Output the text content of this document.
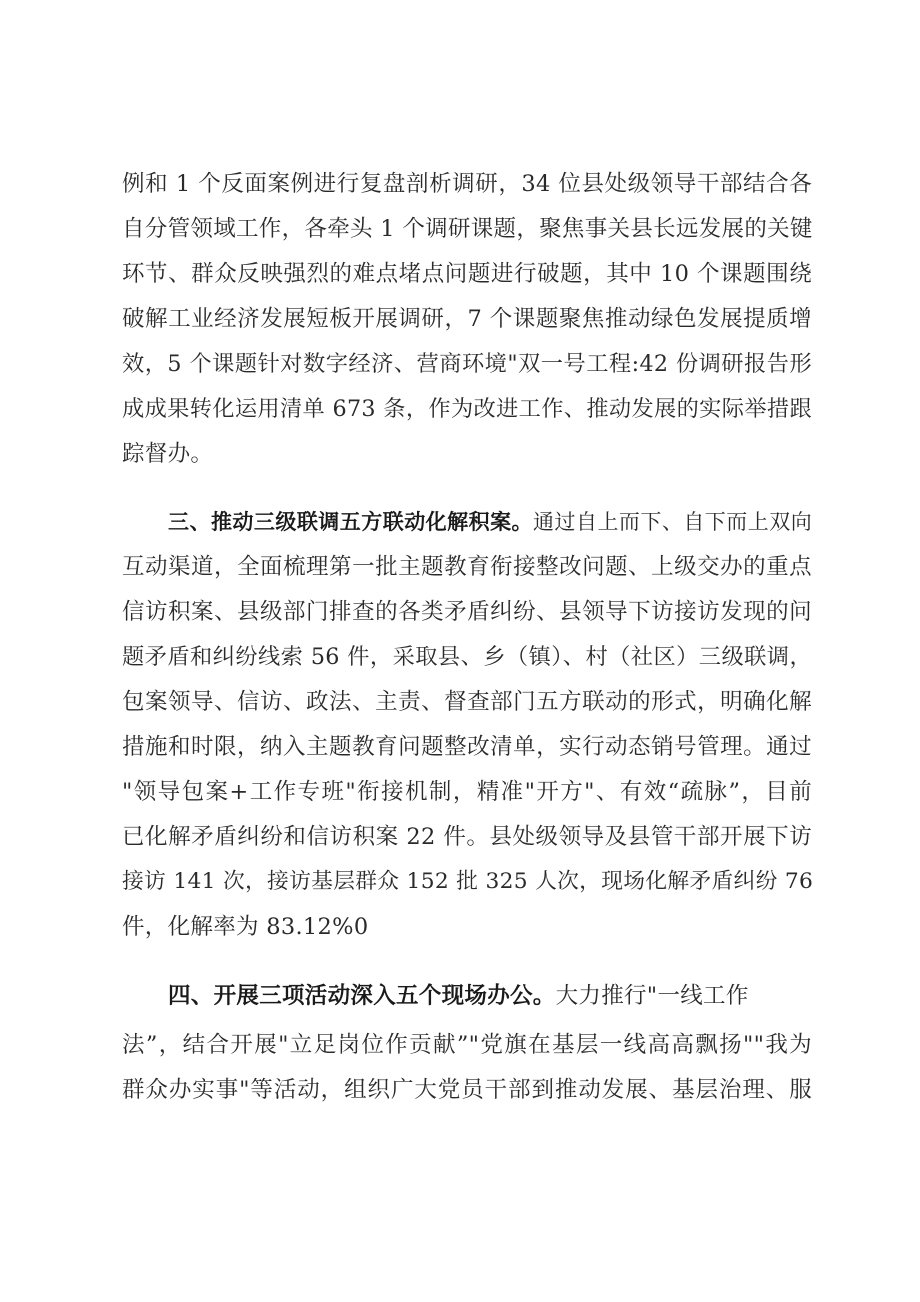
例和 1 个反面案例进行复盘剖析调研，34 位县处级领导干部结合各

自分管领域工作，各牵头 1 个调研课题，聚焦事关县长远发展的关键

环节、群众反映强烈的难点堵点问题进行破题，其中 10 个课题围绕

破解工业经济发展短板开展调研，7 个课题聚焦推动绿色发展提质增

效，5 个课题针对数字经济、营商环境"双一号工程:42 份调研报告形

成成果转化运用清单 673 条，作为改进工作、推动发展的实际举措跟

踪督办。

三、推动三级联调五方联动化解积案。通过自上而下、自下而上双向

互动渠道，全面梳理第一批主题教育衔接整改问题、上级交办的重点

信访积案、县级部门排查的各类矛盾纠纷、县领导下访接访发现的问

题矛盾和纠纷线索 56 件，采取县、乡（镇）、村（社区）三级联调，

包案领导、信访、政法、主责、督查部门五方联动的形式，明确化解

措施和时限，纳入主题教育问题整改清单，实行动态销号管理。通过

"领导包案+工作专班"衔接机制，精准"开方"、有效“疏脉”，目前

已化解矛盾纠纷和信访积案 22 件。县处级领导及县管干部开展下访

接访 141 次，接访基层群众 152 批 325 人次，现场化解矛盾纠纷 76

件，化解率为 83.12%0

四、开展三项活动深入五个现场办公。大力推行"一线工作

法”，结合开展"立足岗位作贡献”"党旗在基层一线高高飘扬""我为

群众办实事"等活动，组织广大党员干部到推动发展、基层治理、服
